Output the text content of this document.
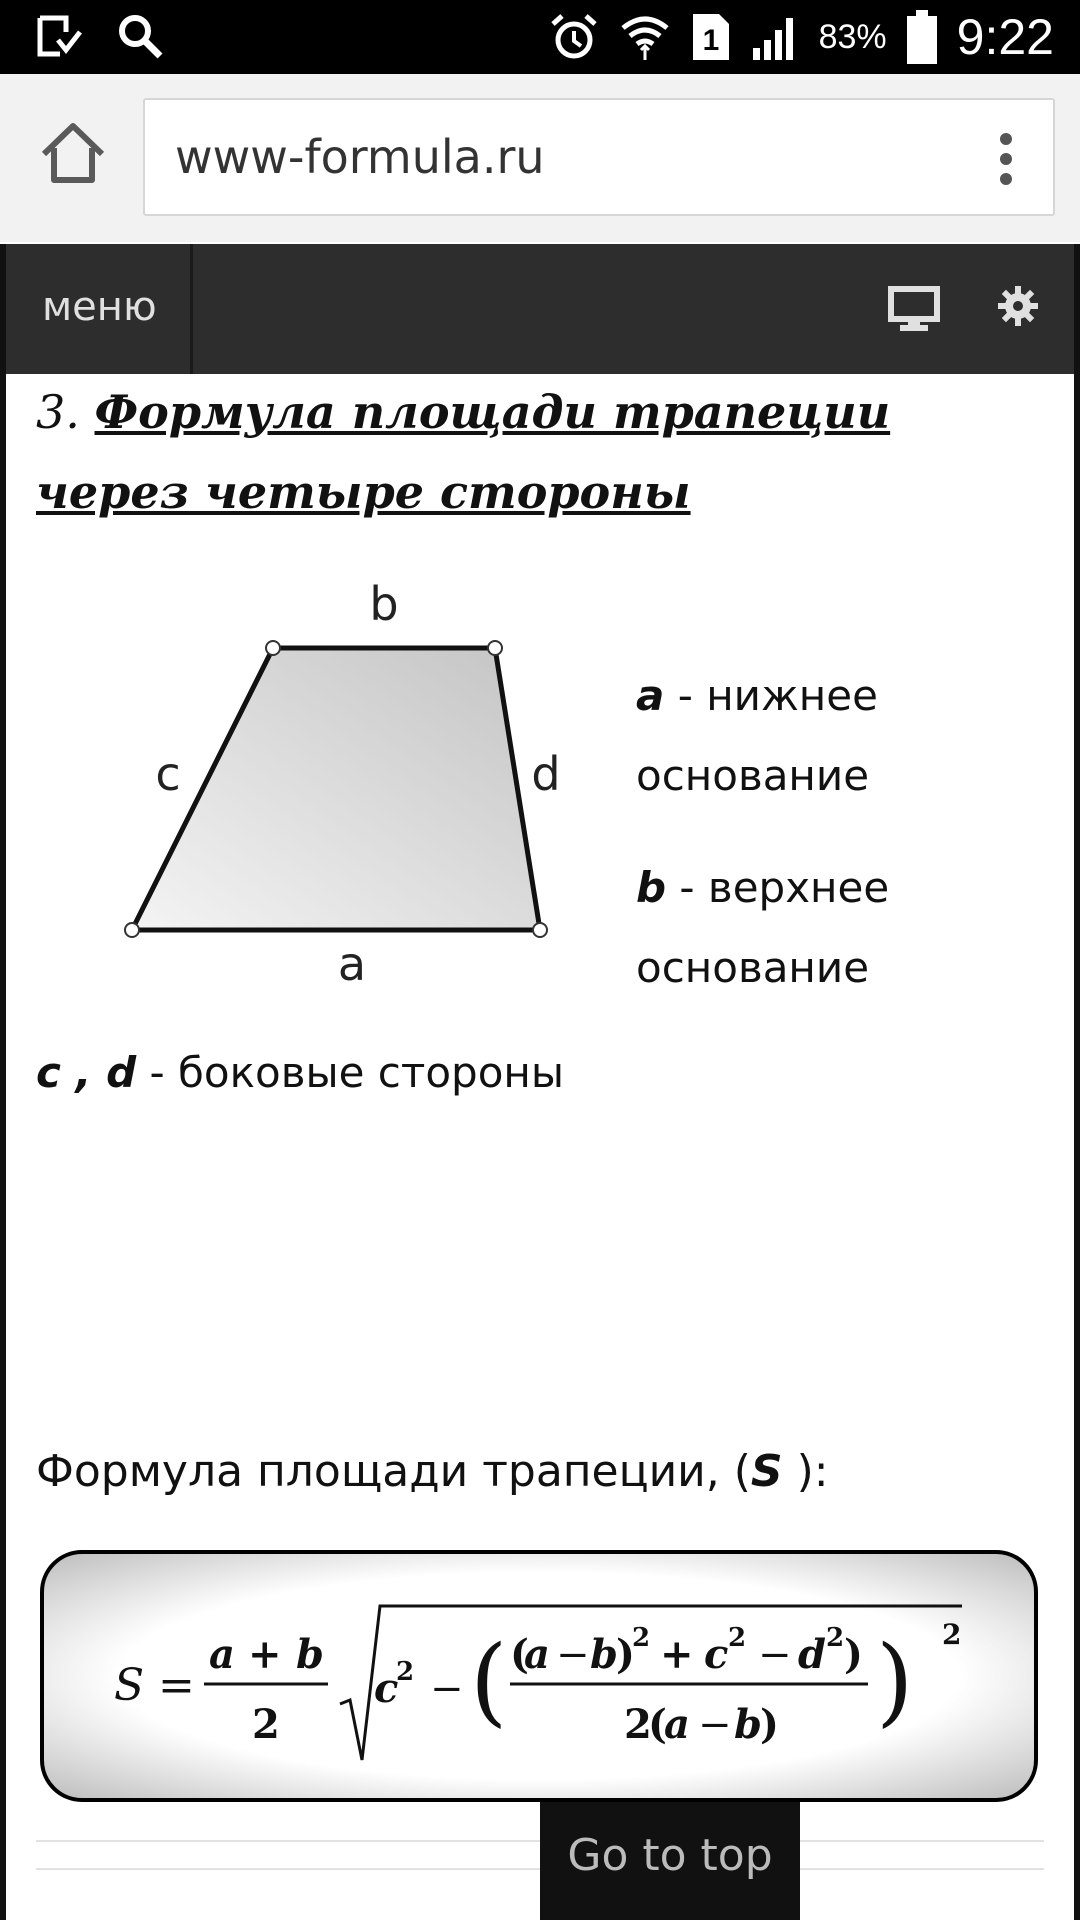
1	83% 9:22
www-formula.ru
меню
3. Формула площади трапеции через четыре стороны
b
c	d
a
a - нижнее основание
b - верхнее основание
c , d - боковые стороны
Формула площади трапеции, (S ):
S =
a + b
2
c
2 − ( (
a − b
)
2 + c 2 − d 2 )
2
(
a − b
) ) 2
Go to top
